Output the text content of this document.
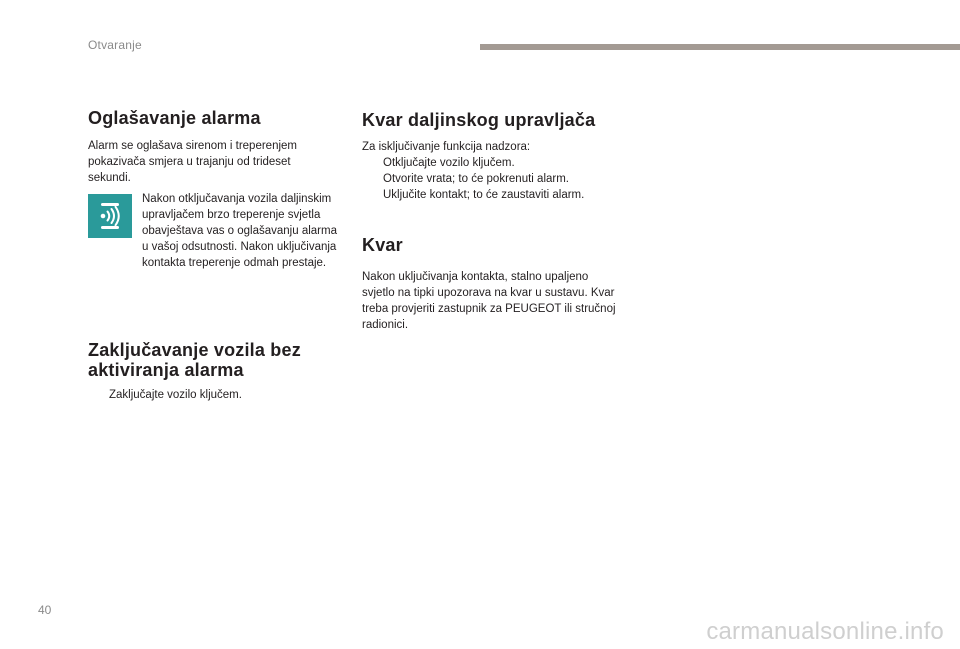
Otvaranje
Oglašavanje alarma

Alarm se oglašava sirenom i treperenjem pokazivača smjera u trajanju od trideset sekundi.

Nakon otključavanja vozila daljinskim upravljačem brzo treperenje svjetla obavještava vas o oglašavanju alarma u vašoj odsutnosti. Nakon uključivanja kontakta treperenje odmah prestaje.

Zaključavanje vozila bez
aktiviranja alarma
Zaključajte vozilo ključem.
Kvar daljinskog upravljača

Za isključivanje funkcija nadzora:

Otključajte vozilo ključem.
Otvorite vrata; to će pokrenuti alarm.
Uključite kontakt; to će zaustaviti alarm.
Kvar

Nakon uključivanja kontakta, stalno upaljeno svjetlo na tipki upozorava na kvar u sustavu. Kvar treba provjeriti zastupnik za PEUGEOT ili stručnoj radionici.

40
carmanualsonline.info
